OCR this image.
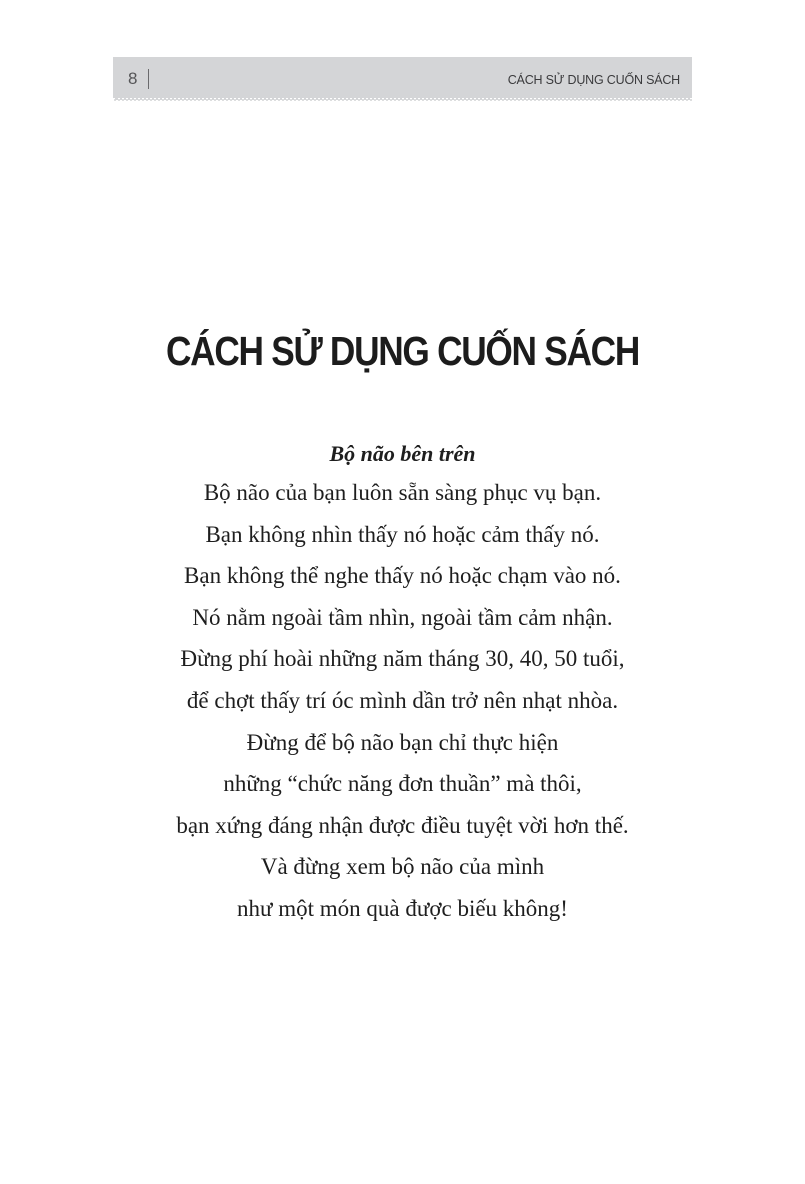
8	CÁCH SỬ DỤNG CUỐN SÁCH
CÁCH SỬ DỤNG CUỐN SÁCH

Bộ não bên trên

Bộ não của bạn luôn sẵn sàng phục vụ bạn.

Bạn không nhìn thấy nó hoặc cảm thấy nó.

Bạn không thể nghe thấy nó hoặc chạm vào nó.

Nó nằm ngoài tầm nhìn, ngoài tầm cảm nhận.

Đừng phí hoài những năm tháng 30, 40, 50 tuổi,

để chợt thấy trí óc mình dần trở nên nhạt nhòa.

Đừng để bộ não bạn chỉ thực hiện

những “chức năng đơn thuần” mà thôi,

bạn xứng đáng nhận được điều tuyệt vời hơn thế.

Và đừng xem bộ não của mình

như một món quà được biếu không!
